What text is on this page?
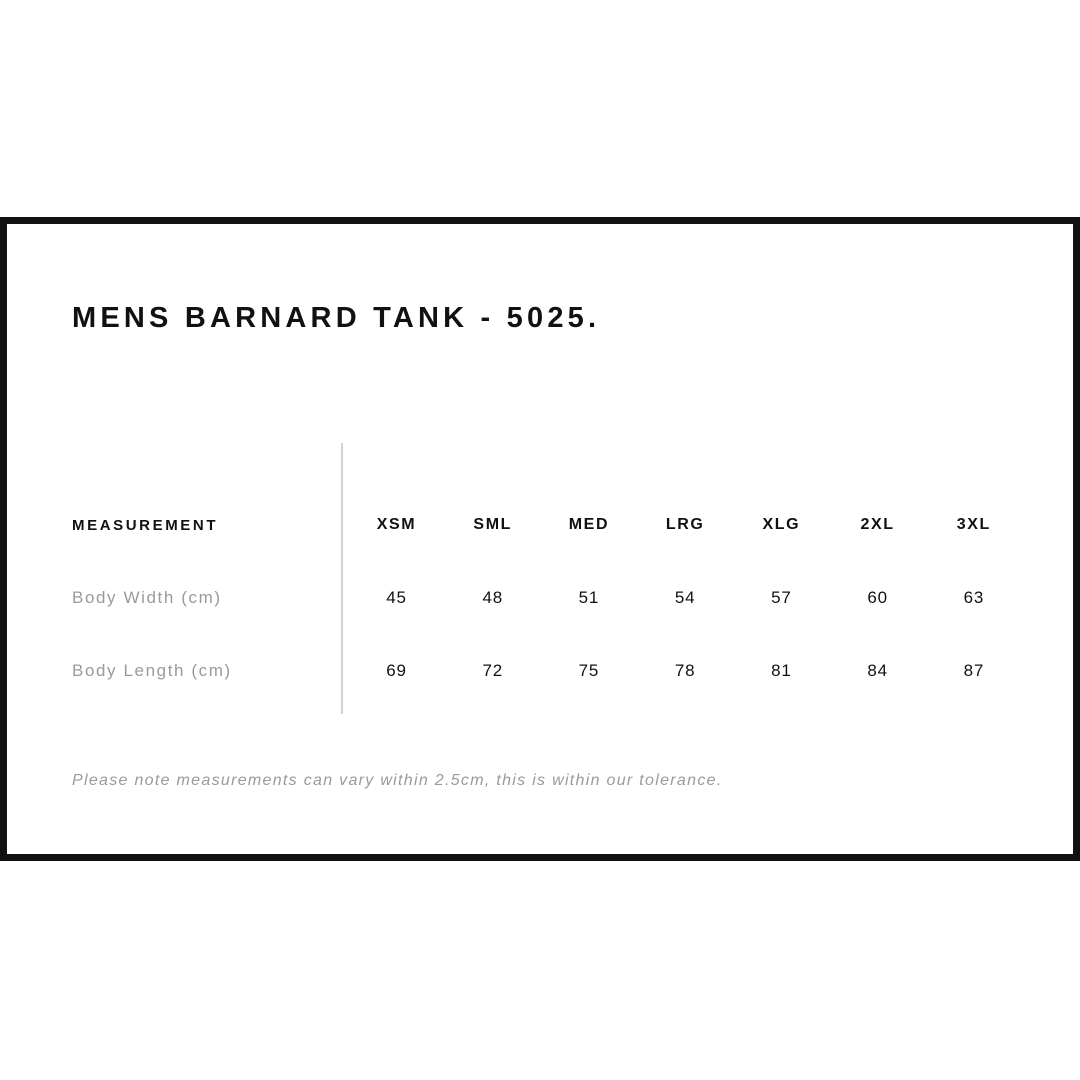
MENS BARNARD TANK - 5025.
MEASUREMENT	XSM	SML	MED	LRG	XLG	2XL	3XL
Body Width (cm)	45	48	51	54	57	60	63
Body Length (cm)	69	72	75	78	81	84	87
Please note measurements can vary within 2.5cm, this is within our tolerance.
